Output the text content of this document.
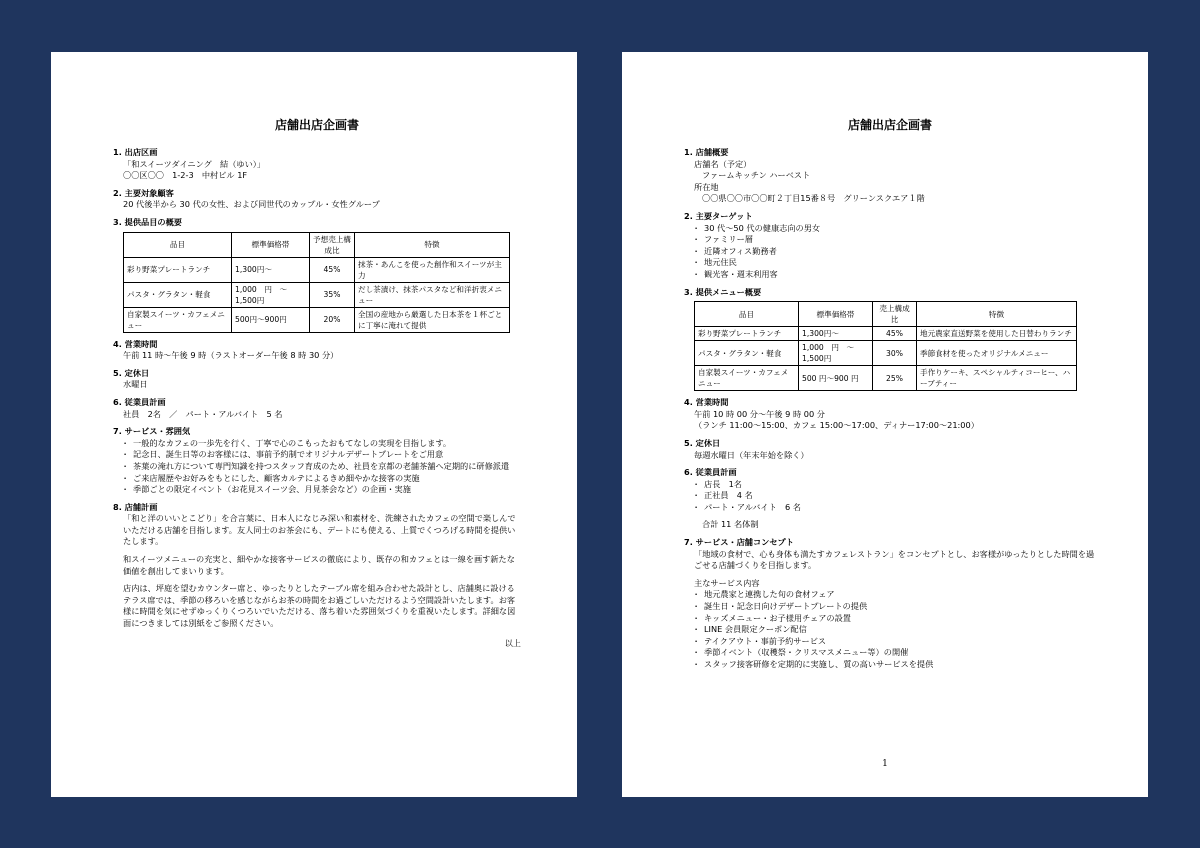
店舗出店企画書
1. 出店区画
「和スイーツダイニング　結（ゆい）」
〇〇区〇〇　1-2-3　中村ビル 1F
2. 主要対象顧客
20 代後半から 30 代の女性、および同世代のカップル・女性グループ
3. 提供品目の概要
品目	標準価格帯	予想売上構成比	特徴
彩り野菜プレートランチ	1,300円〜	45%	抹茶・あんこを使った創作和スイーツが主力
パスタ・グラタン・軽食	1,000　円　〜 1,500円	35%	だし茶漬け、抹茶パスタなど和洋折衷メニュー
自家製スイーツ・カフェメニュー	500円〜900円	20%	全国の産地から厳選した日本茶を１杯ごとに丁寧に淹れて提供
4. 営業時間
午前 11 時〜午後 9 時（ラストオーダー午後 8 時 30 分）
5. 定休日
水曜日
6. 従業員計画
社員　2名　／　パート・アルバイト　5 名
7. サービス・雰囲気
・ 一般的なカフェの一歩先を行く、丁寧で心のこもったおもてなしの実現を目指します。
・ 記念日、誕生日等のお客様には、事前予約制でオリジナルデザートプレートをご用意
・ 茶葉の淹れ方について専門知識を持つスタッフ育成のため、社員を京都の老舗茶舗へ定期的に研修派遣
・ ご来店履歴やお好みをもとにした、顧客カルテによるきめ細やかな接客の実施
・ 季節ごとの限定イベント（お花見スイーツ会、月見茶会など）の企画・実施
8. 店舗計画
「和と洋のいいとこどり」を合言葉に、日本人になじみ深い和素材を、洗練されたカフェの空間で楽しんでいただける店舗を目指します。友人同士のお茶会にも、デートにも使える、上質でくつろげる時間を提供いたします。
和スイーツメニューの充実と、細やかな接客サービスの徹底により、既存の和カフェとは一線を画す新たな価値を創出してまいります。
店内は、坪庭を望むカウンター席と、ゆったりとしたテーブル席を組み合わせた設計とし、店舗奥に設けるテラス席では、季節の移ろいを感じながらお茶の時間をお過ごしいただけるよう空間設計いたします。お客様に時間を気にせずゆっくりくつろいでいただける、落ち着いた雰囲気づくりを重視いたします。詳細な図面につきましては別紙をご参照ください。
以上
店舗出店企画書
1. 店舗概要
店舗名（予定）
ファームキッチン ハーベスト
所在地
〇〇県〇〇市〇〇町２丁目15番８号　グリーンスクエア１階
2. 主要ターゲット
・ 30 代〜50 代の健康志向の男女
・ ファミリー層
・ 近隣オフィス勤務者
・ 地元住民
・ 観光客・週末利用客
3. 提供メニュー概要
品目	標準価格帯	売上構成比	特徴
彩り野菜プレートランチ	1,300円〜	45%	地元農家直送野菜を使用した日替わりランチ
パスタ・グラタン・軽食	1,000　円　〜 1,500円	30%	季節食材を使ったオリジナルメニュー
自家製スイーツ・カフェメニュー	500 円〜900 円	25%	手作りケーキ、スペシャルティコーヒー、ハーブティー
4. 営業時間
午前 10 時 00 分〜午後 9 時 00 分
（ランチ 11:00〜15:00、カフェ 15:00〜17:00、ディナー17:00〜21:00）
5. 定休日
毎週水曜日（年末年始を除く）
6. 従業員計画
・ 店長　1名
・ 正社員　4 名
・ パート・アルバイト　6 名
合計 11 名体制
7. サービス・店舗コンセプト
「地域の食材で、心も身体も満たすカフェレストラン」をコンセプトとし、お客様がゆったりとした時間を過ごせる店舗づくりを目指します。
主なサービス内容
・ 地元農家と連携した旬の食材フェア
・ 誕生日・記念日向けデザートプレートの提供
・ キッズメニュー・お子様用チェアの設置
・ LINE 会員限定クーポン配信
・ テイクアウト・事前予約サービス
・ 季節イベント（収穫祭・クリスマスメニュー等）の開催
・ スタッフ接客研修を定期的に実施し、質の高いサービスを提供
1
